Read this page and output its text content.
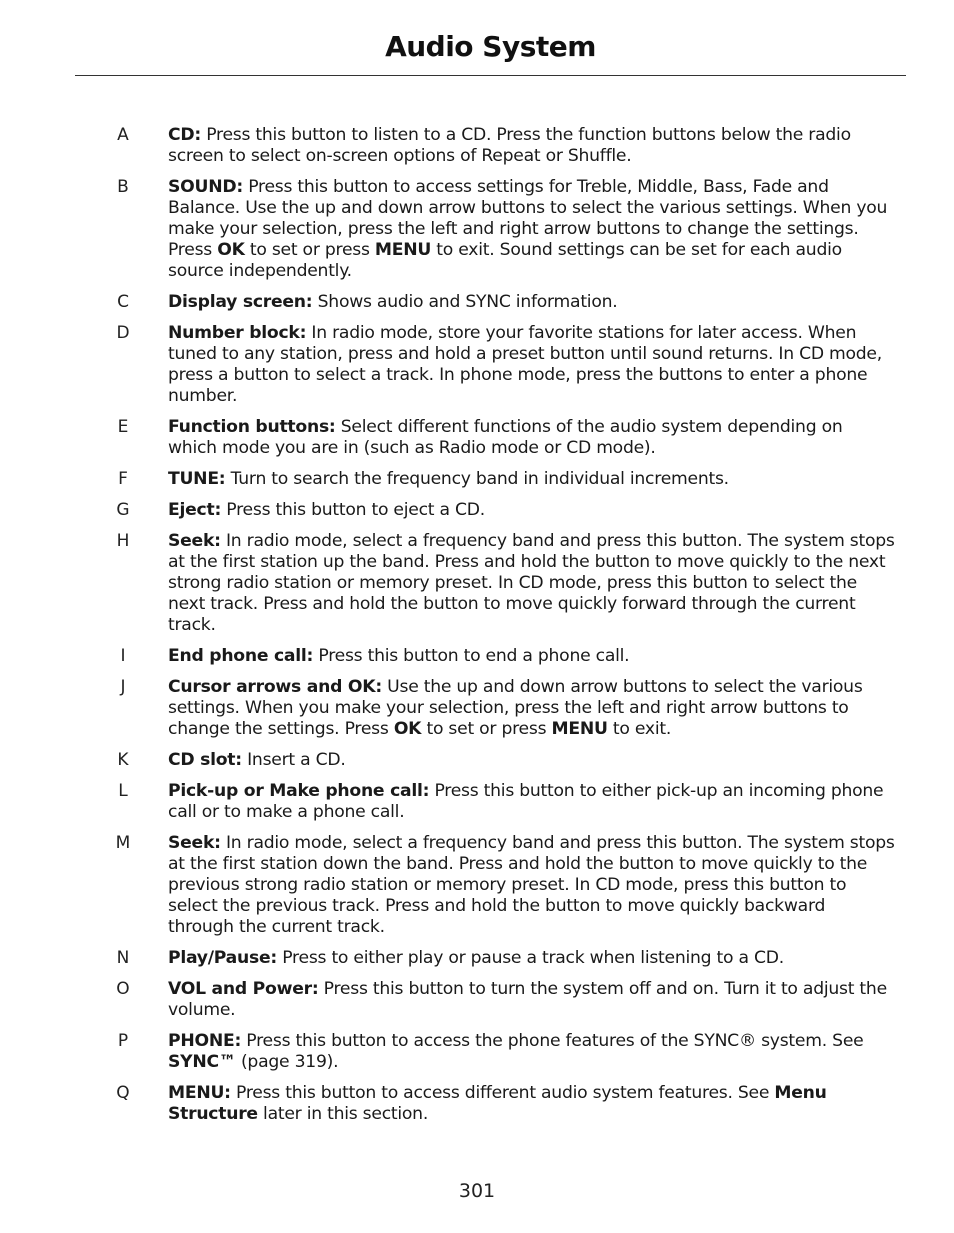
Audio System
A	CD: Press this button to listen to a CD. Press the function buttons below the radio screen to select on-screen options of Repeat or Shuffle.
B	SOUND: Press this button to access settings for Treble, Middle, Bass, Fade and Balance. Use the up and down arrow buttons to select the various settings. When you make your selection, press the left and right arrow buttons to change the settings. Press OK to set or press MENU to exit. Sound settings can be set for each audio source independently.
C	Display screen: Shows audio and SYNC information.
D	Number block: In radio mode, store your favorite stations for later access. When tuned to any station, press and hold a preset button until sound returns. In CD mode, press a button to select a track. In phone mode, press the buttons to enter a phone number.
E	Function buttons: Select different functions of the audio system depending on which mode you are in (such as Radio mode or CD mode).
F	TUNE: Turn to search the frequency band in individual increments.
G	Eject: Press this button to eject a CD.
H	Seek: In radio mode, select a frequency band and press this button. The system stops at the first station up the band. Press and hold the button to move quickly to the next strong radio station or memory preset. In CD mode, press this button to select the next track. Press and hold the button to move quickly forward through the current track.
I	End phone call: Press this button to end a phone call.
J	Cursor arrows and OK: Use the up and down arrow buttons to select the various settings. When you make your selection, press the left and right arrow buttons to change the settings. Press OK to set or press MENU to exit.
K	CD slot: Insert a CD.
L	Pick-up or Make phone call: Press this button to either pick-up an incoming phone call or to make a phone call.
M	Seek: In radio mode, select a frequency band and press this button. The system stops at the first station down the band. Press and hold the button to move quickly to the previous strong radio station or memory preset. In CD mode, press this button to select the previous track. Press and hold the button to move quickly backward through the current track.
N	Play/Pause: Press to either play or pause a track when listening to a CD.
O	VOL and Power: Press this button to turn the system off and on. Turn it to adjust the volume.
P	PHONE: Press this button to access the phone features of the SYNC® system. See SYNC™ (page 319).
Q	MENU: Press this button to access different audio system features. See Menu Structure later in this section.
301
